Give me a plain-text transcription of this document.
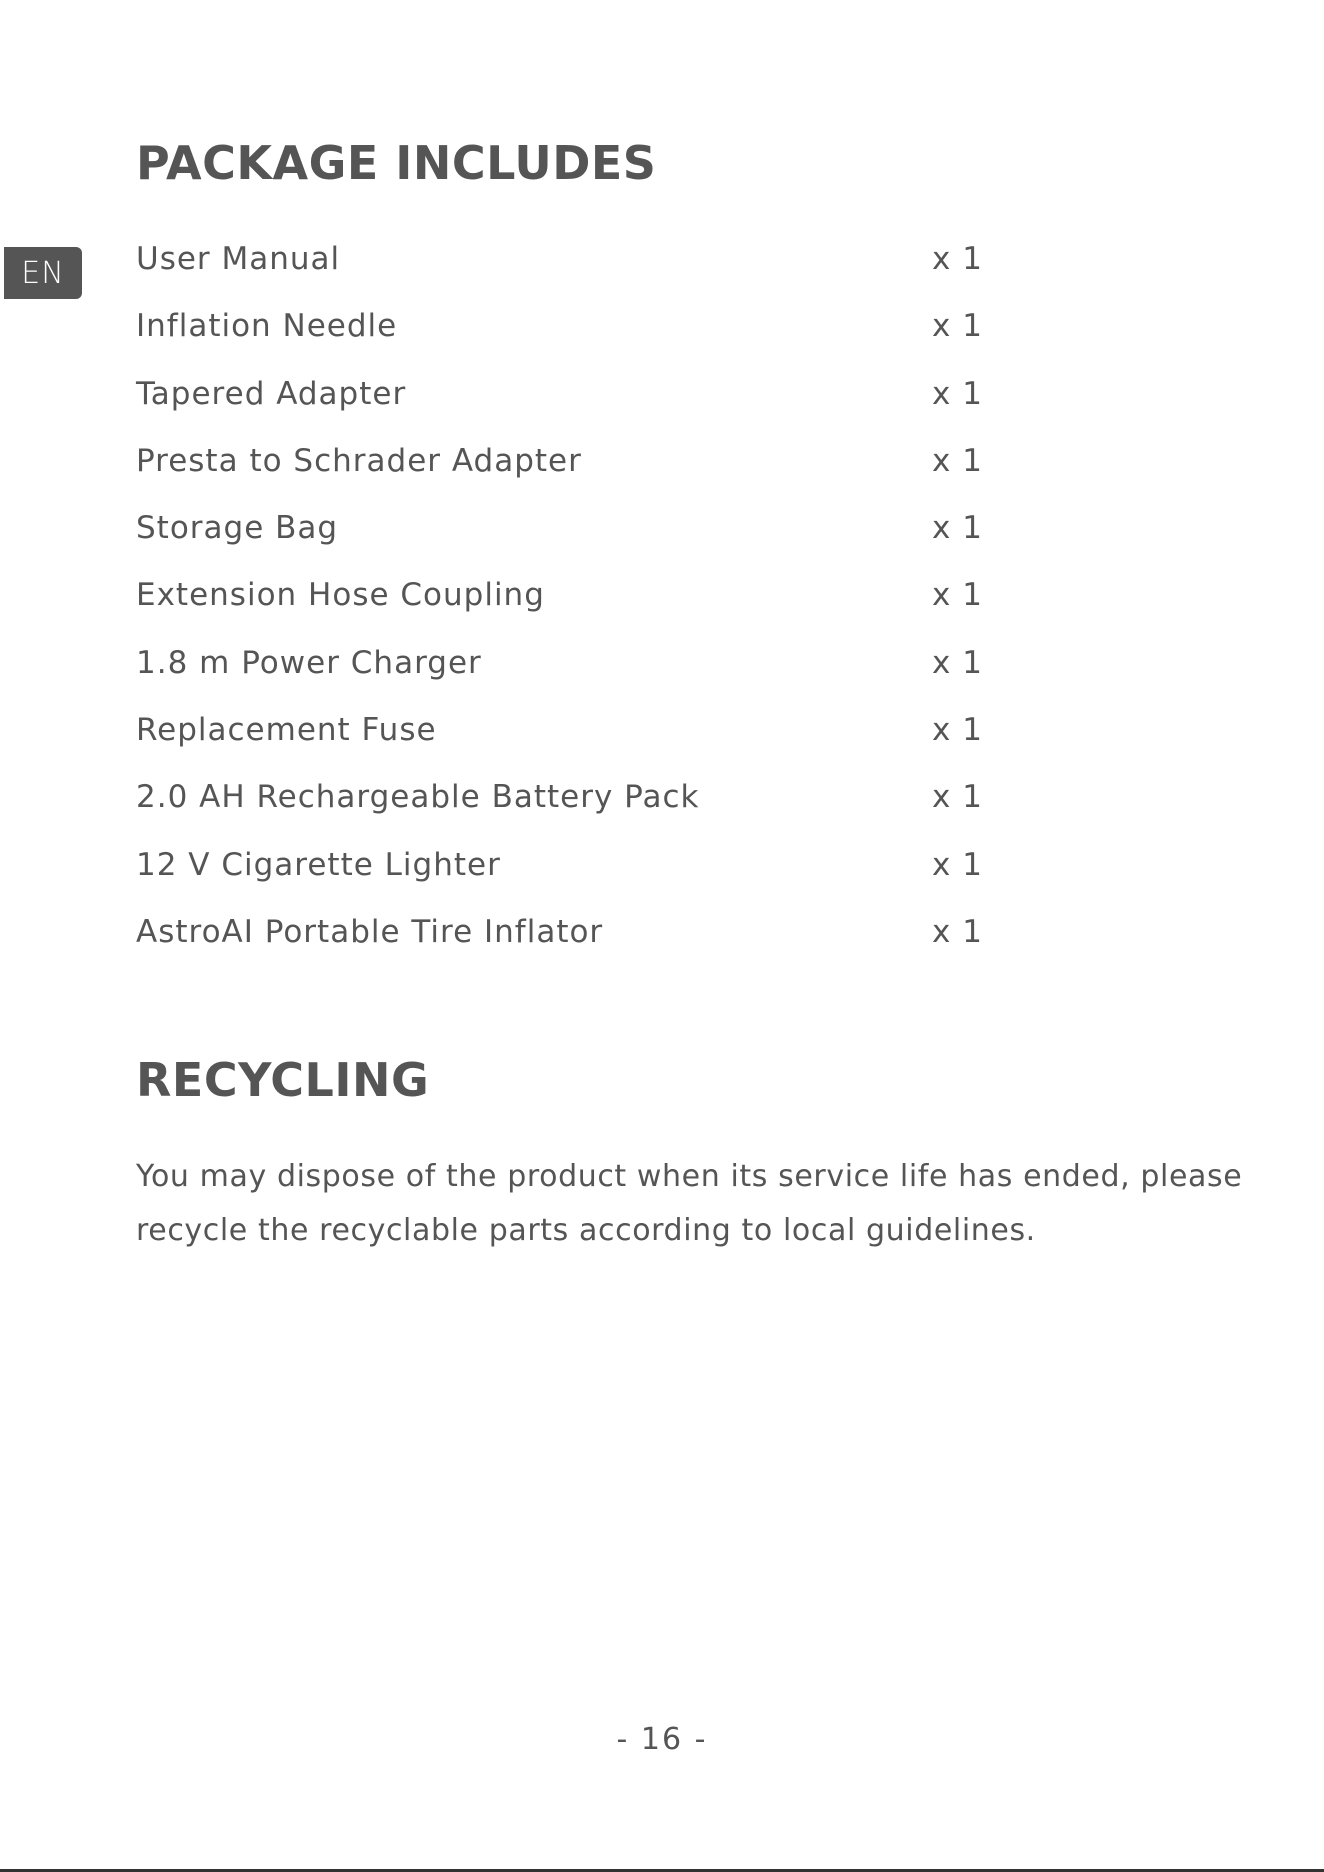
EN
PACKAGE INCLUDES
User Manual	x 1
Inflation Needle	x 1
Tapered Adapter	x 1
Presta to Schrader Adapter	x 1
Storage Bag	x 1
Extension Hose Coupling	x 1
1.8 m Power Charger	x 1
Replacement Fuse	x 1
2.0 AH Rechargeable Battery Pack	x 1
12 V Cigarette Lighter	x 1
AstroAI Portable Tire Inflator	x 1
RECYCLING

You may dispose of the product when its service life has ended, please recycle the recyclable parts according to local guidelines.

- 16 -
